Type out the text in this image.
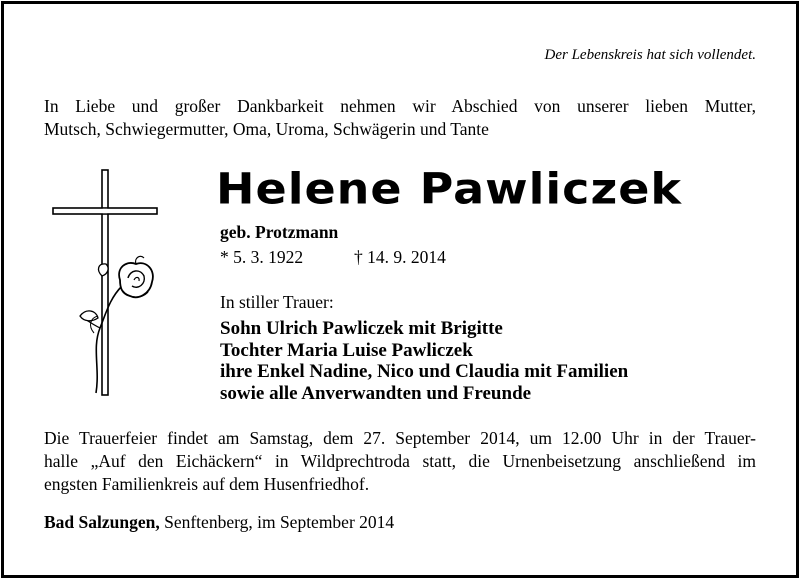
Der Lebenskreis hat sich vollendet.
In Liebe und großer Dankbarkeit nehmen wir Abschied von unserer lieben Mutter,
Mutsch, Schwiegermutter, Oma, Uroma, Schwägerin und Tante
Helene Pawliczek
geb. Protzmann
* 5. 3. 1922	† 14. 9. 2014
In stiller Trauer:
Sohn Ulrich Pawliczek mit Brigitte
Tochter Maria Luise Pawliczek
ihre Enkel Nadine, Nico und Claudia mit Familien
sowie alle Anverwandten und Freunde
Die Trauerfeier findet am Samstag, dem 27. September 2014, um 12.00 Uhr in der Trauer-
halle „Auf den Eichäckern“ in Wildprechtroda statt, die Urnenbeisetzung anschließend im
engsten Familienkreis auf dem Husenfriedhof.
Bad Salzungen, Senftenberg, im September 2014
